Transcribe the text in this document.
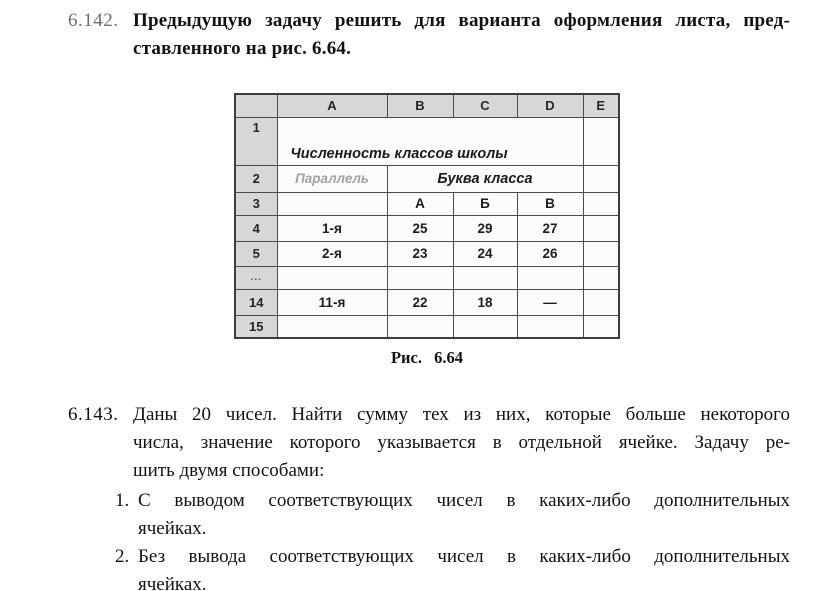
6.142. Предыдущую задачу решить для варианта оформления листа, пред-
ставленного на рис. 6.64.
	A	B	C	D	E
1	Численность классов школы				
2	Параллель	Буква класса			
3		А	Б	В	
4	1-я	25	29	27	
5	2-я	23	24	26	
...					
14	11-я	22	18	—	
15					
Рис. 6.64
6.143. Даны 20 чисел. Найти сумму тех из них, которые больше некоторого
числа, значение которого указывается в отдельной ячейке. Задачу ре-
шить двумя способами:
1. С выводом соответствующих чисел в каких-либо дополнительных
ячейках.
2. Без вывода соответствующих чисел в каких-либо дополнительных
ячейках.
